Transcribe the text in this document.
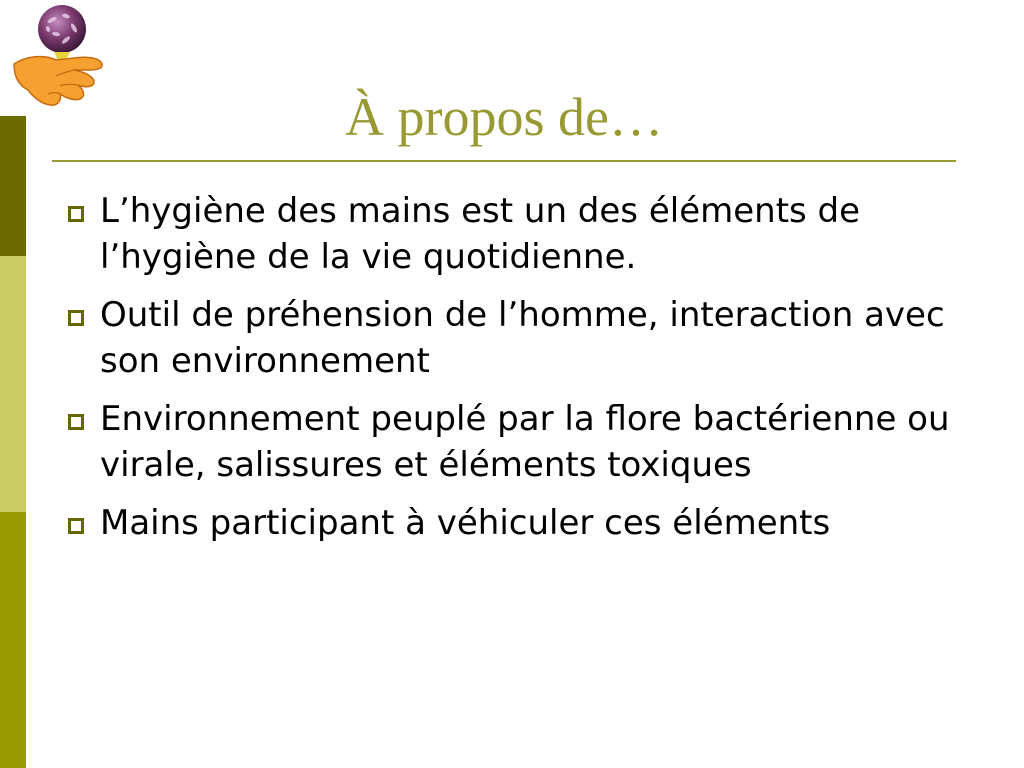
À propos de…
L’hygiène des mains est un des éléments de l’hygiène de la vie quotidienne.
Outil de préhension de l’homme, interaction avec son environnement
Environnement peuplé par la flore bactérienne ou virale, salissures et éléments toxiques
Mains participant à véhiculer ces éléments
